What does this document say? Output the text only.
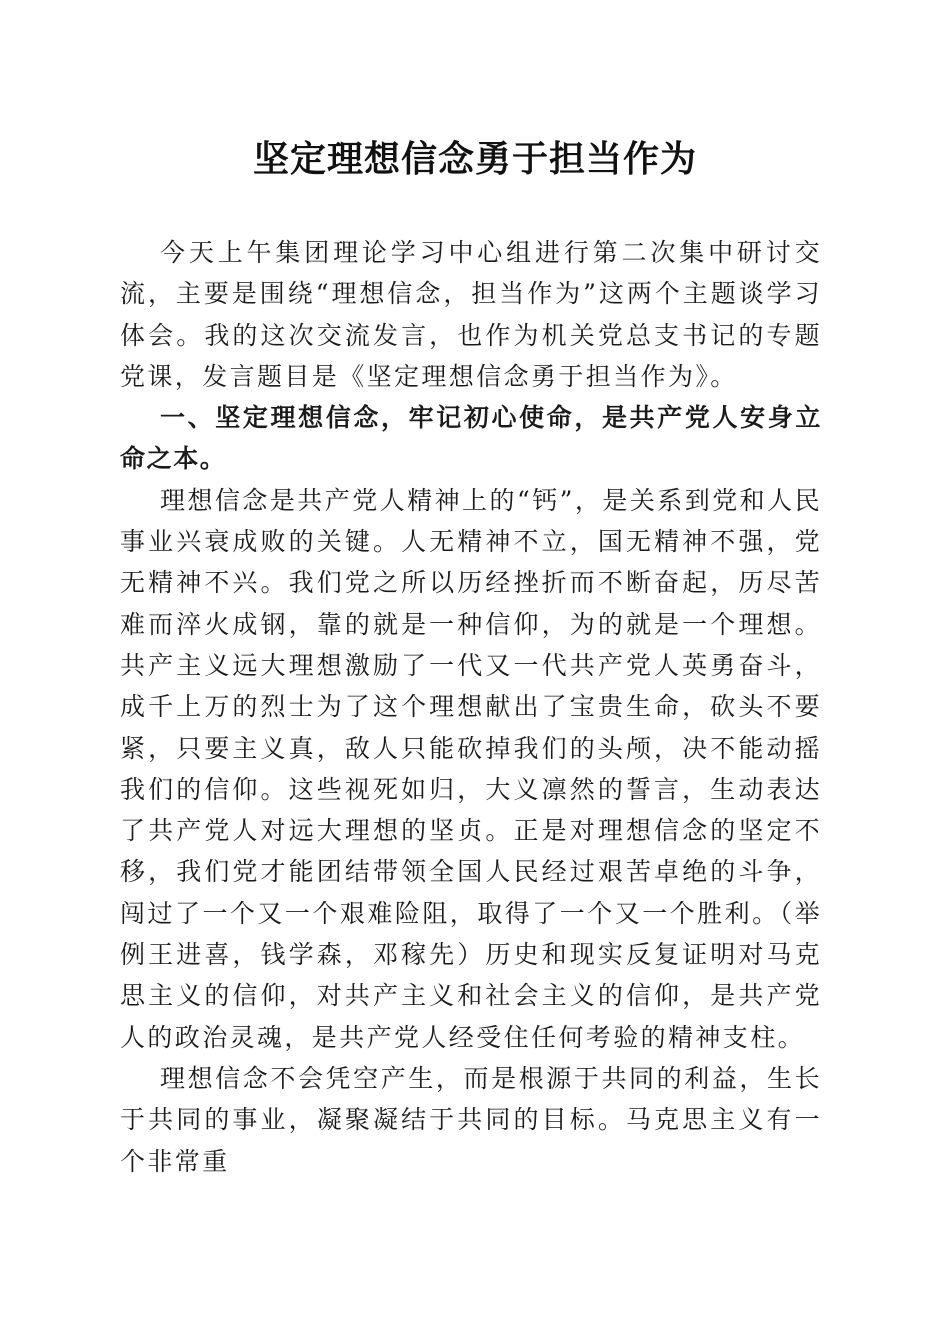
坚定理想信念勇于担当作为

今天上午集团理论学习中心组进行第二次集中研讨交流，主要是围绕“理想信念，担当作为”这两个主题谈学习体会。我的这次交流发言，也作为机关党总支书记的专题党课，发言题目是《坚定理想信念勇于担当作为》。

一、坚定理想信念，牢记初心使命，是共产党人安身立命之本。

理想信念是共产党人精神上的“钙”，是关系到党和人民事业兴衰成败的关键。人无精神不立，国无精神不强，党无精神不兴。我们党之所以历经挫折而不断奋起，历尽苦难而淬火成钢，靠的就是一种信仰，为的就是一个理想。共产主义远大理想激励了一代又一代共产党人英勇奋斗，成千上万的烈士为了这个理想献出了宝贵生命，砍头不要紧，只要主义真，敌人只能砍掉我们的头颅，决不能动摇我们的信仰。这些视死如归，大义凛然的誓言，生动表达了共产党人对远大理想的坚贞。正是对理想信念的坚定不移，我们党才能团结带领全国人民经过艰苦卓绝的斗争，闯过了一个又一个艰难险阻，取得了一个又一个胜利。（举例王进喜，钱学森，邓稼先）历史和现实反复证明对马克思主义的信仰，对共产主义和社会主义的信仰，是共产党人的政治灵魂，是共产党人经受住任何考验的精神支柱。

理想信念不会凭空产生，而是根源于共同的利益，生长于共同的事业，凝聚凝结于共同的目标。马克思主义有一个非常重
